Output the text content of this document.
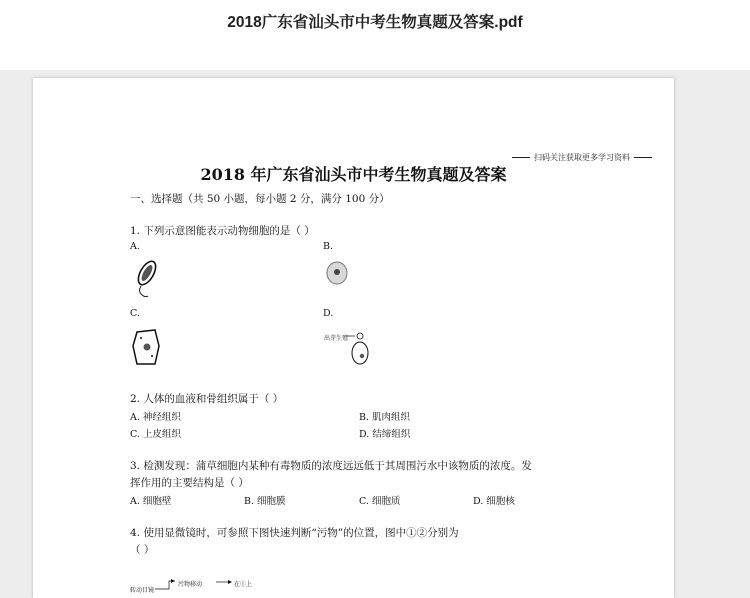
2018广东省汕头市中考生物真题及答案.pdf
扫码关注获取更多学习资料
2018 年广东省汕头市中考生物真题及答案
一、选择题（共 50 小题，每小题 2 分，满分 100 分）
1. 下列示意图能表示动物细胞的是（ ）
A.	B.
C.	D.
出芽生殖
2. 人体的血液和骨组织属于（ ）
A. 神经组织	B. 肌肉组织
C. 上皮组织	D. 结缔组织
3. 检测发现：蒲草细胞内某种有毒物质的浓度远远低于其周围污水中该物质的浓度。发
挥作用的主要结构是（ ）
A. 细胞壁	B. 细胞膜	C. 细胞质	D. 细胞核
4. 使用显微镜时，可参照下图快速判断“污物”的位置，图中①②分别为
（ ）
转动目镜
污物移动	在①上
